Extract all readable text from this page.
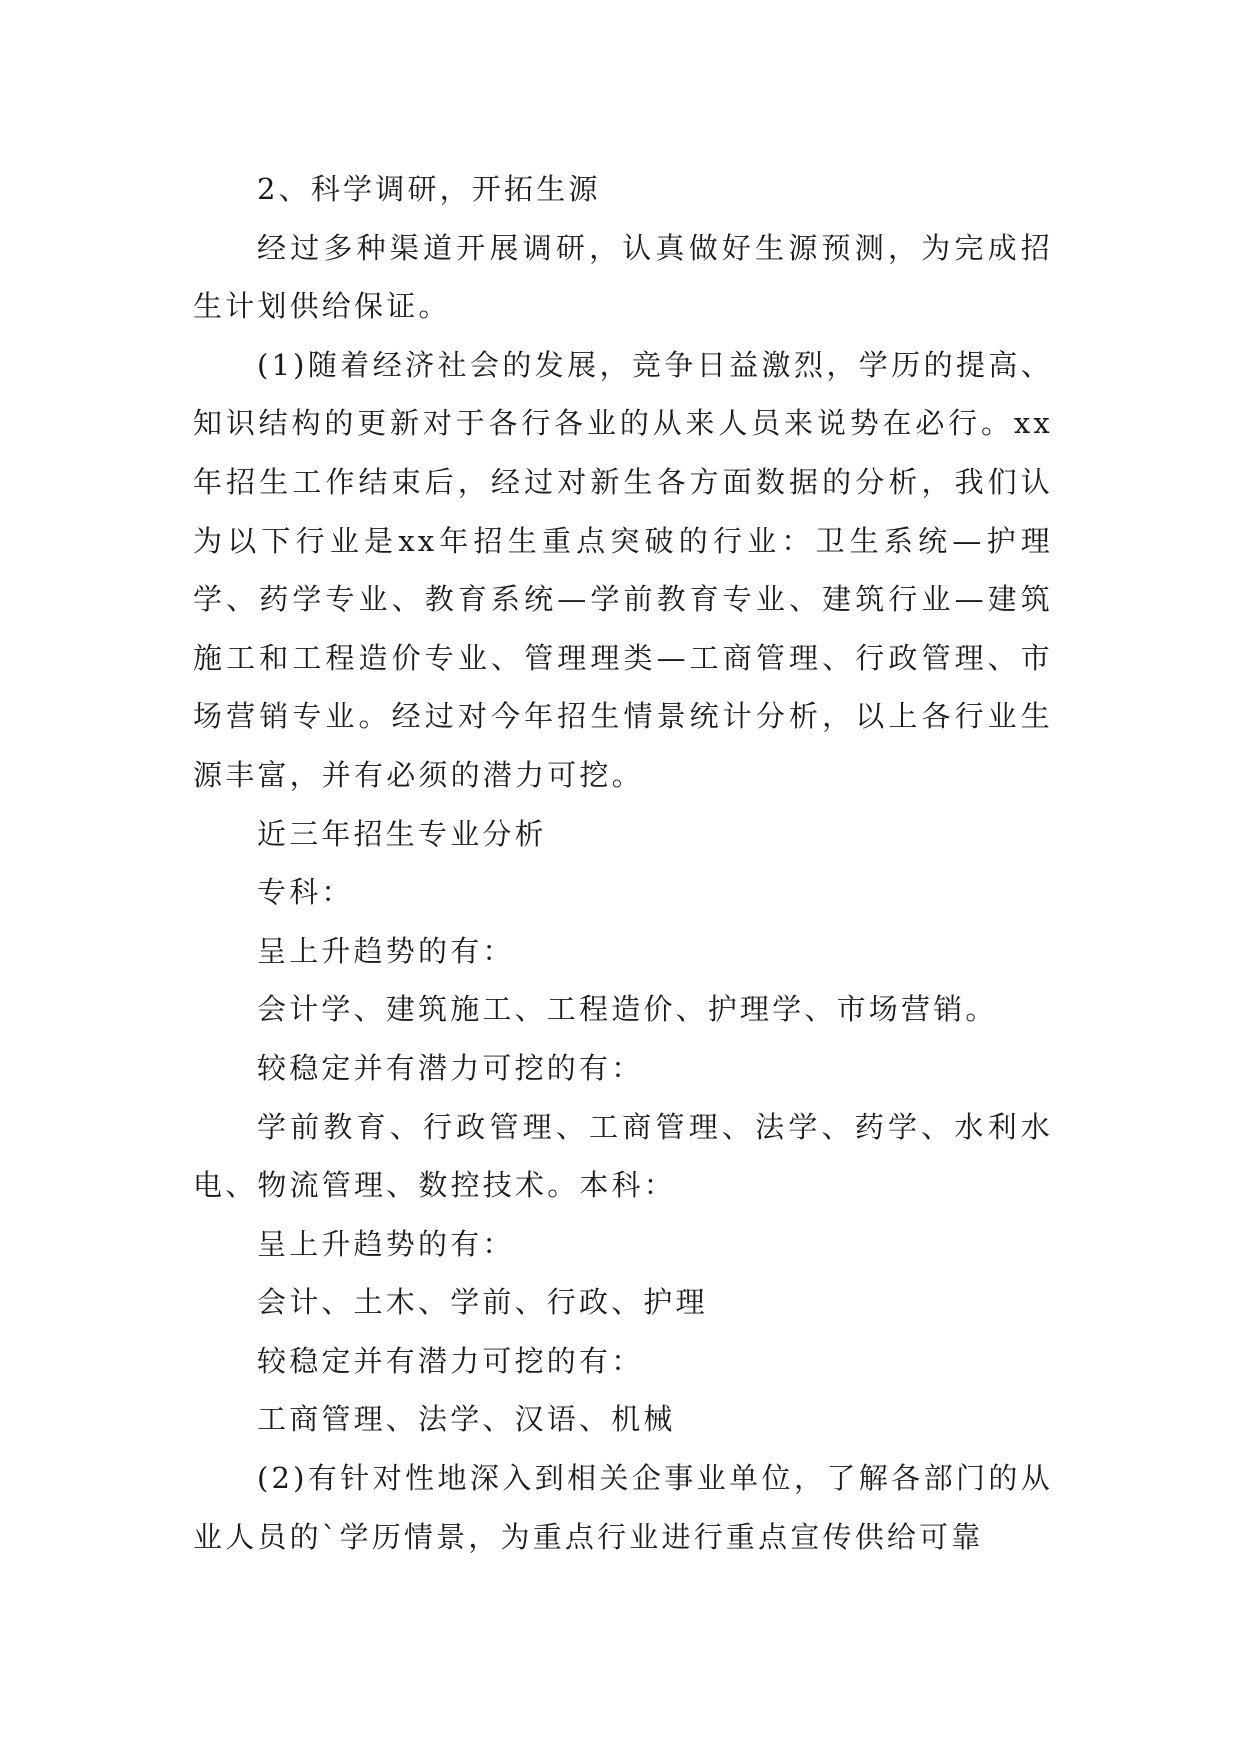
2、科学调研，开拓生源

经过多种渠道开展调研，认真做好生源预测，为完成招生计划供给保证。

(1)随着经济社会的发展，竞争日益激烈，学历的提高、知识结构的更新对于各行各业的从来人员来说势在必行。xx年招生工作结束后，经过对新生各方面数据的分析，我们认为以下行业是xx年招生重点突破的行业：卫生系统—护理学、药学专业、教育系统—学前教育专业、建筑行业—建筑施工和工程造价专业、管理理类—工商管理、行政管理、市场营销专业。经过对今年招生情景统计分析，以上各行业生源丰富，并有必须的潜力可挖。

近三年招生专业分析

专科：

呈上升趋势的有：

会计学、建筑施工、工程造价、护理学、市场营销。

较稳定并有潜力可挖的有：

学前教育、行政管理、工商管理、法学、药学、水利水电、物流管理、数控技术。本科：

呈上升趋势的有：

会计、土木、学前、行政、护理

较稳定并有潜力可挖的有：

工商管理、法学、汉语、机械

(2)有针对性地深入到相关企事业单位，了解各部门的从业人员的`学历情景，为重点行业进行重点宣传供给可靠
